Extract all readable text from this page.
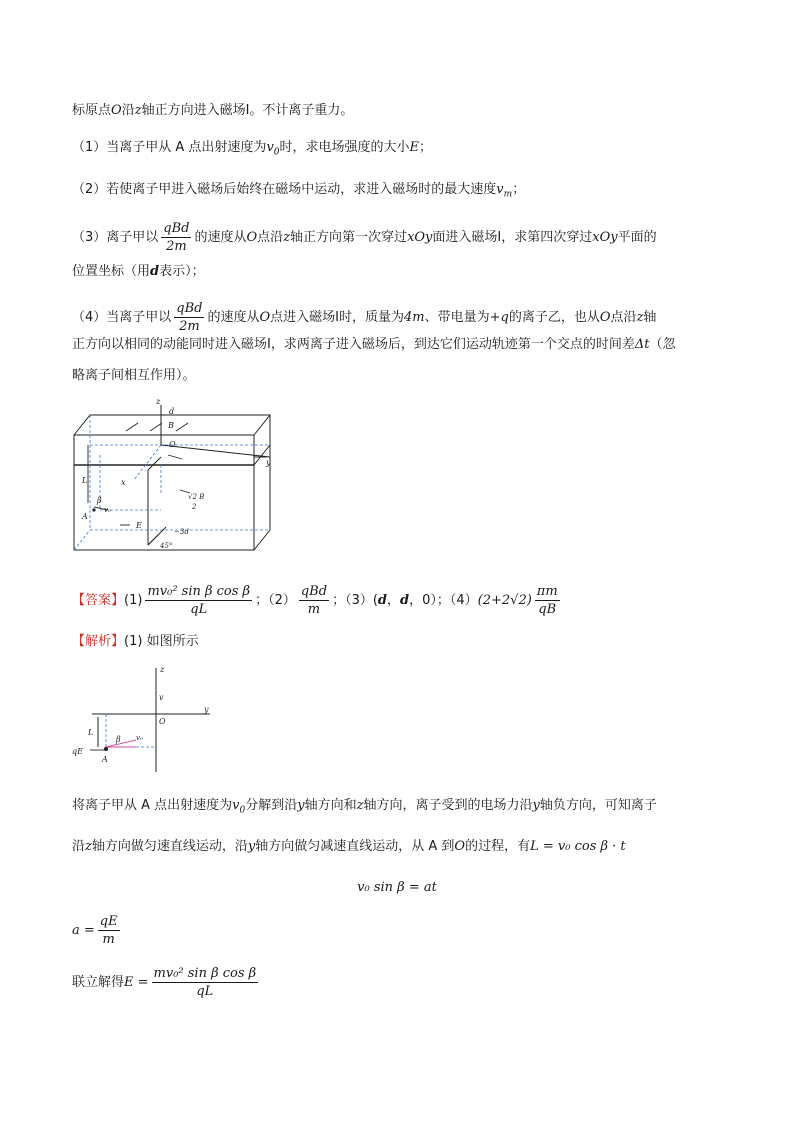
标原点O沿z轴正方向进入磁场Ⅰ。不计离子重力。
（1）当离子甲从 A 点出射速度为$v_0$时，求电场强度的大小E；
（2）若使离子甲进入磁场后始终在磁场中运动，求进入磁场时的最大速度$v_m$；
（3）离子甲以 $\frac{\text{qBd}}{2m}$ 的速度从O点沿z轴正方向第一次穿过xOy面进入磁场Ⅰ，求第四次穿过xOy平面的
位置坐标（用d表示）；
（4）当离子甲以 $\frac{\text{qBd}}{2m}$ 的速度从O点进入磁场Ⅰ时，质量为4m、带电量为+q的离子乙，也从O点沿z轴
正方向以相同的动能同时进入磁场Ⅰ，求两离子进入磁场后，到达它们运动轨迹第一个交点的时间差Δt（忽
略离子间相互作用）。
z
d
B
O
y
x
L
β
v₀
A
E
√2 B
2
−3d
45°
【答案】$(1) \frac{\text{mv₀² sin β cos β}}{qL}$ ；$(2) \frac{\text{qBd}}{m}$ ；（3）(d，d，0）；$(4)(2+2√2) \frac{\pi m}{qB}$
【解析】(1) 如图所示
z
v
O
y
L
β v₀
qE
A
将离子甲从 A 点出射速度为$v_0$分解到沿y轴方向和z轴方向，离子受到的电场力沿y轴负方向，可知离子
沿z轴方向做匀速直线运动，沿y轴方向做匀减速直线运动，从 A 到O的过程，有L = v₀ cos β · t
v₀ sin β = at
$a = \frac{qE}{m}$
联立解得$E = \frac{\text{mv₀² sin β cos β}}{qL}$
